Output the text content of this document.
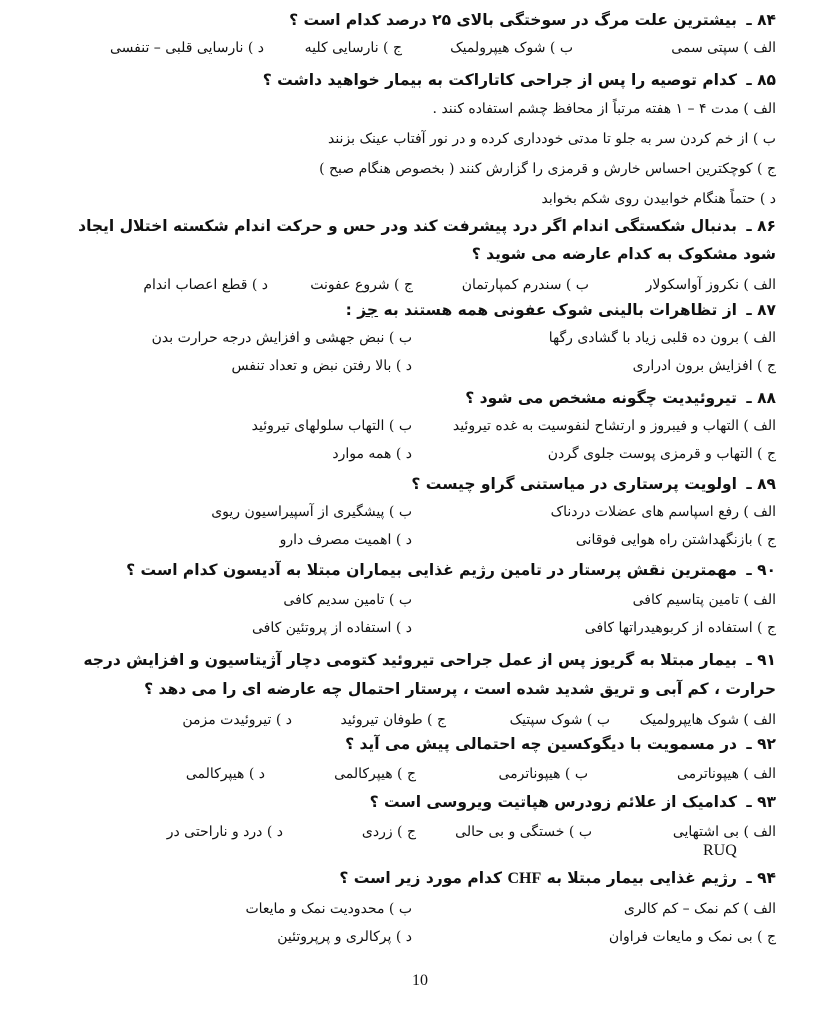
۸۴ ـ بیشترین علت مرگ در سوختگی بالای ۲۵ درصد کدام است ؟
الف ) سپتی سمی
ب ) شوک هیپرولمیک
ج ) نارسایی کلیه
د ) نارسایی قلبی – تنفسی
۸۵ ـ کدام توصیه را پس از جراحی کاتاراکت به بیمار خواهید داشت ؟
الف ) مدت ۴ – ۱ هفته مرتباً از محافظ چشم استفاده کنند .
ب ) از خم کردن سر به جلو تا مدتی خودداری کرده و در نور آفتاب عینک بزنند
ج ) کوچکترین احساس خارش و قرمزی را گزارش کنند ( بخصوص هنگام صبح )
د ) حتماً هنگام خوابیدن روی شکم بخوابد
۸۶ ـ بدنبال شکستگی اندام اگر درد پیشرفت کند ودر حس و حرکت اندام شکسته اختلال ایجاد شود مشکوک به کدام عارضه می شوید ؟
الف ) نکروز آواسکولار
ب ) سندرم کمپارتمان
ج ) شروع عفونت
د ) قطع اعصاب اندام
۸۷ ـ از تظاهرات بالینی شوک عفونی همه هستند به جز :
الف ) برون ده قلبی زیاد با گشادی رگها
ب ) نبض جهشی و افزایش درجه حرارت بدن
ج ) افزایش برون ادراری
د ) بالا رفتن نبض و تعداد تنفس
۸۸ ـ تیروئیدیت چگونه مشخص می شود ؟
الف ) التهاب و فیبروز و ارتشاح لنفوسیت به غده تیروئید
ب ) التهاب سلولهای تیروئید
ج ) التهاب و قرمزی پوست جلوی گردن
د ) همه موارد
۸۹ ـ اولویت پرستاری در میاستنی گراو چیست ؟
الف ) رفع اسپاسم های عضلات دردناک
ب ) پیشگیری از آسپیراسیون ریوی
ج ) بازنگهداشتن راه هوایی فوقانی
د ) اهمیت مصرف دارو
۹۰ ـ مهمترین نقش پرستار در تامین رژیم غذایی بیماران مبتلا به آدیسون کدام است ؟
الف ) تامین پتاسیم کافی
ب ) تامین سدیم کافی
ج ) استفاده از کربوهیدراتها کافی
د ) استفاده از پروتئین کافی
۹۱ ـ بیمار مبتلا به گریوز پس از عمل جراحی تیروئید کتومی دچار آژیتاسیون و افزایش درجه حرارت ، کم آبی و تریق شدید شده است ، پرستار احتمال چه عارضه ای را می دهد ؟
الف ) شوک هایپرولمیک
ب ) شوک سپتیک
ج ) طوفان تیروئید
د ) تیروئیدت مزمن
۹۲ ـ در مسمویت با دیگوکسین چه احتمالی پیش می آید ؟
الف ) هیپوناترمی
ب ) هیپوناترمی
ج ) هیپرکالمی
د ) هیپرکالمی
۹۳ ـ کدامیک از علائم زودرس هپاتیت ویروسی است ؟
الف ) بی اشتهایی
ب ) خستگی و بی حالی
ج ) زردی
د ) درد و ناراحتی در
RUQ
۹۴ ـ رژیم غذایی بیمار مبتلا به CHF کدام مورد زیر است ؟
الف ) کم نمک – کم کالری
ب ) محدودیت نمک و مایعات
ج ) بی نمک و مایعات فراوان
د ) پرکالری و پرپروتئین
10
